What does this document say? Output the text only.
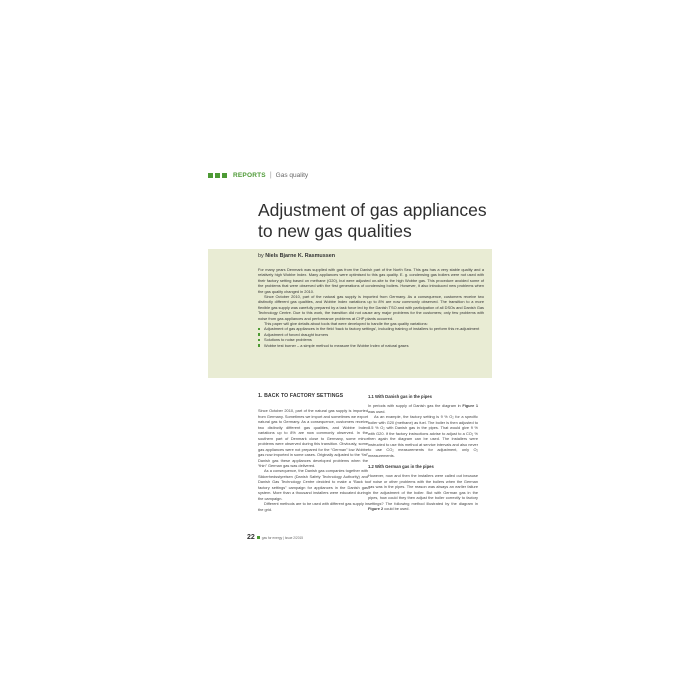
REPORTS | Gas quality
Adjustment of gas appliances
to new gas qualities
by Niels Bjarne K. Rasmussen

For many years Denmark was supplied with gas from the Danish part of the North Sea. This gas has a very stable quality and a relatively high Wobbe Index. Many appliances were optimised to this gas quality. E. g. condensing gas boilers were not used with their factory setting based on methane (G20), but were adjusted on-site to the high Wobbe gas. This procedure avoided some of the problems that were observed with the first generations of condensing boilers. However, it also introduced new problems when the gas quality changed in 2010.

Since October 2010, part of the natural gas supply is imported from Germany. As a consequence, customers receive two distinctly different gas qualities, and Wobbe Index variations up to 8% are now commonly observed. The transition to a more flexible gas supply was carefully prepared by a task force led by the Danish TSO and with participation of all DSOs and Danish Gas Technology Centre. Due to this work, the transition did not cause any major problems for the customers; only few problems with noise from gas appliances and performance problems at CHP plants occurred.

This paper will give details about tools that were developed to handle the gas quality variations:

Adjustment of gas appliances in the field ‘back to factory settings’, including training of installers to perform this re-adjustment
Adjustment of forced draught burners
Solutions to noise problems
Wobbe test burner – a simple method to measure the Wobbe Index of natural gases
1. BACK TO FACTORY SETTINGS

Since October 2010, part of the natural gas supply is imported from Germany. Sometimes we import and sometimes we export natural gas to Germany. As a consequence, customers receive two distinctly different gas qualities, and Wobbe Index variations up to 8% are now commonly observed. In the southern part of Denmark close to Germany, some minor problems were observed during this transition. Obviously, some gas appliances were not prepared for the “German” low Wobbe gas now imported in some cases. Originally adjusted to the “fat” Danish gas these appliances developed problems when the “thin” German gas was delivered.

As a consequence, the Danish gas companies together with Sikkerhedsstyrelsen (Danish Safety Technology Authority) and Danish Gas Technology Centre decided to make a “Back to factory settings” campaign for appliances in the Danish gas system. More than a thousand installers were educated during the campaign.

Different methods are to be used with different gas supply in the grid.

1.1 With Danish gas in the pipes

In periods with supply of Danish gas the diagram in Figure 1 was used.

As an example, the factory setting is 9 % O₂ for a specific boiler with G20 (methane) as fuel. The boiler is then adjusted to 8.5 % O₂ with Danish gas in the pipes. That would give 9 % with G20. If the factory instructions advise to adjust to a CO₂ % then again the diagram can be used. The installers were instructed to use this method at service intervals and also never to use CO₂ measurements for adjustment, only O₂ measurements.

1.2 With German gas in the pipes

However, now and then the installers were called out because of noise or other problems with the boilers when the German gas was in the pipes. The reason was always an earlier failure in the adjustment of the boiler. But with German gas in the pipes, how could they then adjust the boiler correctly to factory settings? The following method illustrated by the diagram in Figure 2 could be used.

22 gas for energy | Issue 2/2015
